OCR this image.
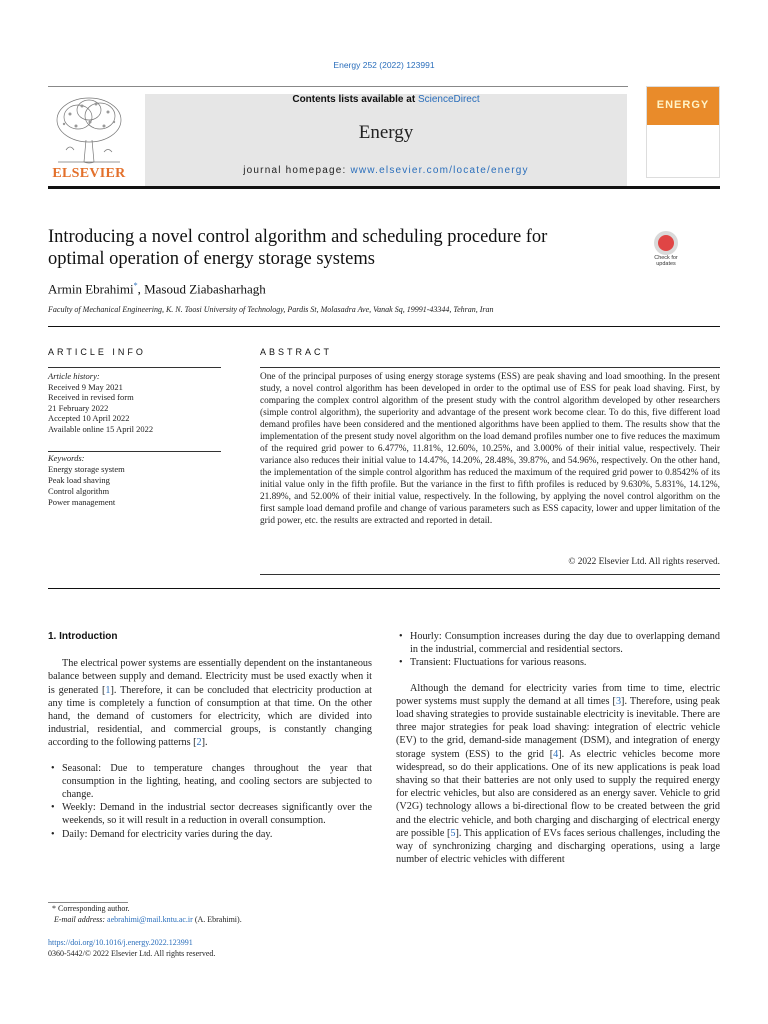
Energy 252 (2022) 123991
ELSEVIER
Contents lists available at ScienceDirect
Energy
journal homepage: www.elsevier.com/locate/energy
ENERGY
Introducing a novel control algorithm and scheduling procedure for optimal operation of energy storage systems	Check for
updates
Armin Ebrahimi*, Masoud Ziabasharhagh
Faculty of Mechanical Engineering, K. N. Toosi University of Technology, Pardis St, Molasadra Ave, Vanak Sq, 19991-43344, Tehran, Iran
ARTICLE INFO	ABSTRACT
Article history:
Received 9 May 2021
Received in revised form
21 February 2022
Accepted 10 April 2022
Available online 15 April 2022
Keywords:
Energy storage system
Peak load shaving
Control algorithm
Power management
One of the principal purposes of using energy storage systems (ESS) are peak shaving and load smoothing. In the present study, a novel control algorithm has been developed in order to the optimal use of ESS for peak load shaving. First, by comparing the complex control algorithm of the present study with the control algorithm developed by other researchers (simple control algorithm), the superiority and advantage of the present work become clear. To do this, five different load demand profiles have been considered and the mentioned algorithms have been applied to them. The results show that the implementation of the present study novel algorithm on the load demand profiles number one to five reduces the maximum of the required grid power to 6.477%, 11.81%, 12.60%, 10.25%, and 3.000% of their initial value, respectively. Their variance also reduces their initial value to 14.47%, 14.20%, 28.48%, 39.87%, and 54.96%, respectively. On the other hand, the implementation of the simple control algorithm has reduced the maximum of the required grid power to 0.8542% of its initial value only in the fifth profile. But the variance in the first to fifth profiles is reduced by 9.630%, 5.831%, 14.12%, 21.89%, and 52.00% of their initial value, respectively. In the following, by applying the novel control algorithm on the first sample load demand profile and change of various parameters such as ESS capacity, lower and upper limitation of the grid power, etc. the results are extracted and reported in detail.
© 2022 Elsevier Ltd. All rights reserved.
1. Introduction

The electrical power systems are essentially dependent on the instantaneous balance between supply and demand. Electricity must be used exactly when it is generated [1]. Therefore, it can be concluded that electricity production at any time is completely a function of consumption at that time. On the other hand, the demand of customers for electricity, which are divided into industrial, residential, and commercial groups, is constantly changing according to the following patterns [2].

• Seasonal: Due to temperature changes throughout the year that consumption in the lighting, heating, and cooling sectors are subjected to change.
• Weekly: Demand in the industrial sector decreases significantly over the weekends, so it will result in a reduction in overall consumption.
• Daily: Demand for electricity varies during the day.
• Hourly: Consumption increases during the day due to overlapping demand in the industrial, commercial and residential sectors.
• Transient: Fluctuations for various reasons.

Although the demand for electricity varies from time to time, electric power systems must supply the demand at all times [3]. Therefore, using peak load shaving strategies to provide sustainable electricity is inevitable. There are three major strategies for peak load shaving: integration of electric vehicle (EV) to the grid, demand-side management (DSM), and integration of energy storage system (ESS) to the grid [4]. As electric vehicles become more widespread, so do their applications. One of its new applications is peak load shaving so that their batteries are not only used to supply the required energy for electric vehicles, but also are considered as an energy saver. Vehicle to grid (V2G) technology allows a bi-directional flow to be created between the grid and the electric vehicle, and both charging and discharging of electrical energy are possible [5]. This application of EVs faces serious challenges, including the way of synchronizing charging and discharging operations, using a large number of electric vehicles with different

* Corresponding author.
E-mail address: aebrahimi@mail.kntu.ac.ir (A. Ebrahimi).
https://doi.org/10.1016/j.energy.2022.123991
0360-5442/© 2022 Elsevier Ltd. All rights reserved.
